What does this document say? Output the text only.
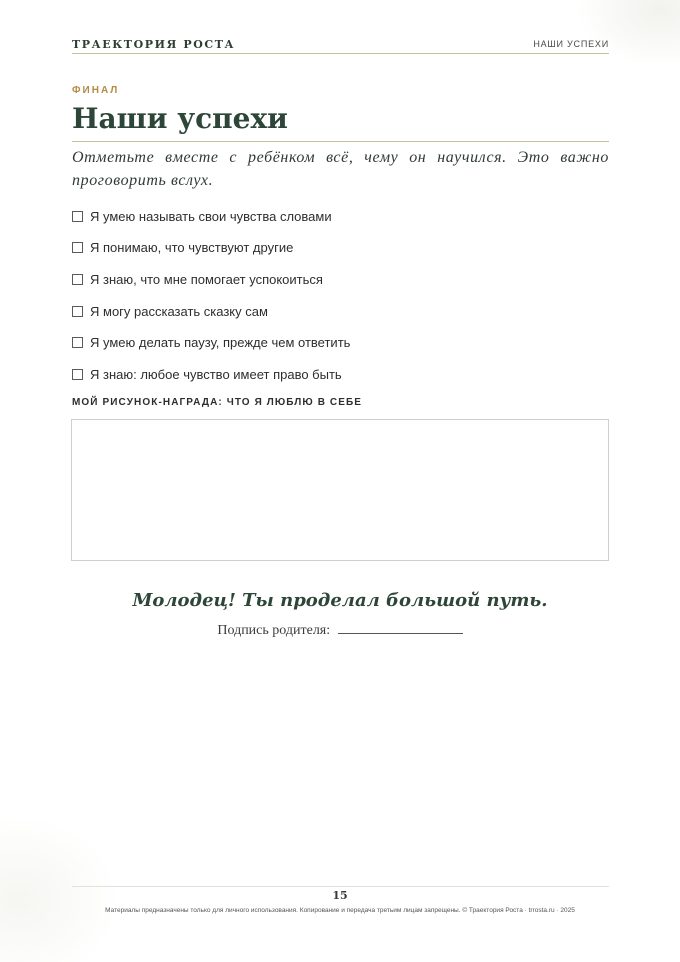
ТРАЕКТОРИЯ РОСТА	НАШИ УСПЕХИ
ФИНАЛ
Наши успехи

Отметьте вместе с ребёнком всё, чему он научился. Это важно проговорить вслух.

Я умею называть свои чувства словами
Я понимаю, что чувствуют другие
Я знаю, что мне помогает успокоиться
Я могу рассказать сказку сам
Я умею делать паузу, прежде чем ответить
Я знаю: любое чувство имеет право быть
МОЙ РИСУНОК-НАГРАДА: ЧТО Я ЛЮБЛЮ В СЕБЕ
Молодец! Ты проделал большой путь.
Подпись родителя:
15
Материалы предназначены только для личного использования. Копирование и передача третьим лицам запрещены. © Траектория Роста · trrosta.ru · 2025
